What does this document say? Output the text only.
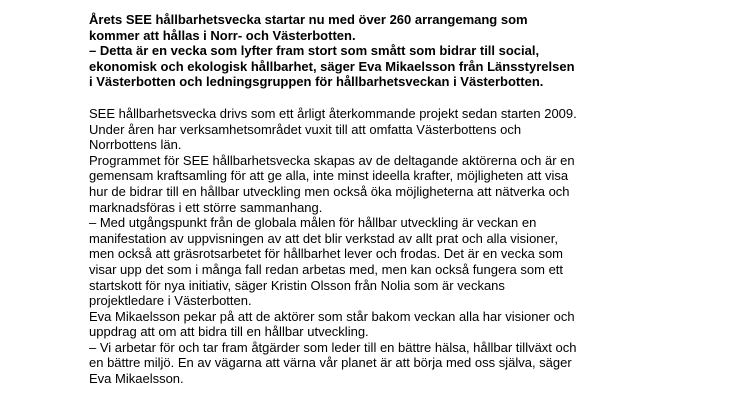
Årets SEE hållbarhetsvecka startar nu med över 260 arrangemang som
kommer att hållas i Norr- och Västerbotten.
– Detta är en vecka som lyfter fram stort som smått som bidrar till social,
ekonomisk och ekologisk hållbarhet, säger Eva Mikaelsson från Länsstyrelsen
i Västerbotten och ledningsgruppen för hållbarhetsveckan i Västerbotten.

SEE hållbarhetsvecka drivs som ett årligt återkommande projekt sedan starten 2009.
Under åren har verksamhetsområdet vuxit till att omfatta Västerbottens och
Norrbottens län.
Programmet för SEE hållbarhetsvecka skapas av de deltagande aktörerna och är en
gemensam kraftsamling för att ge alla, inte minst ideella krafter, möjligheten att visa
hur de bidrar till en hållbar utveckling men också öka möjligheterna att nätverka och
marknadsföras i ett större sammanhang.
– Med utgångspunkt från de globala målen för hållbar utveckling är veckan en
manifestation av uppvisningen av att det blir verkstad av allt prat och alla visioner,
men också att gräsrotsarbetet för hållbarhet lever och frodas. Det är en vecka som
visar upp det som i många fall redan arbetas med, men kan också fungera som ett
startskott för nya initiativ, säger Kristin Olsson från Nolia som är veckans
projektledare i Västerbotten.
Eva Mikaelsson pekar på att de aktörer som står bakom veckan alla har visioner och
uppdrag att om att bidra till en hållbar utveckling.
– Vi arbetar för och tar fram åtgärder som leder till en bättre hälsa, hållbar tillväxt och
en bättre miljö. En av vägarna att värna vår planet är att börja med oss själva, säger
Eva Mikaelsson.
